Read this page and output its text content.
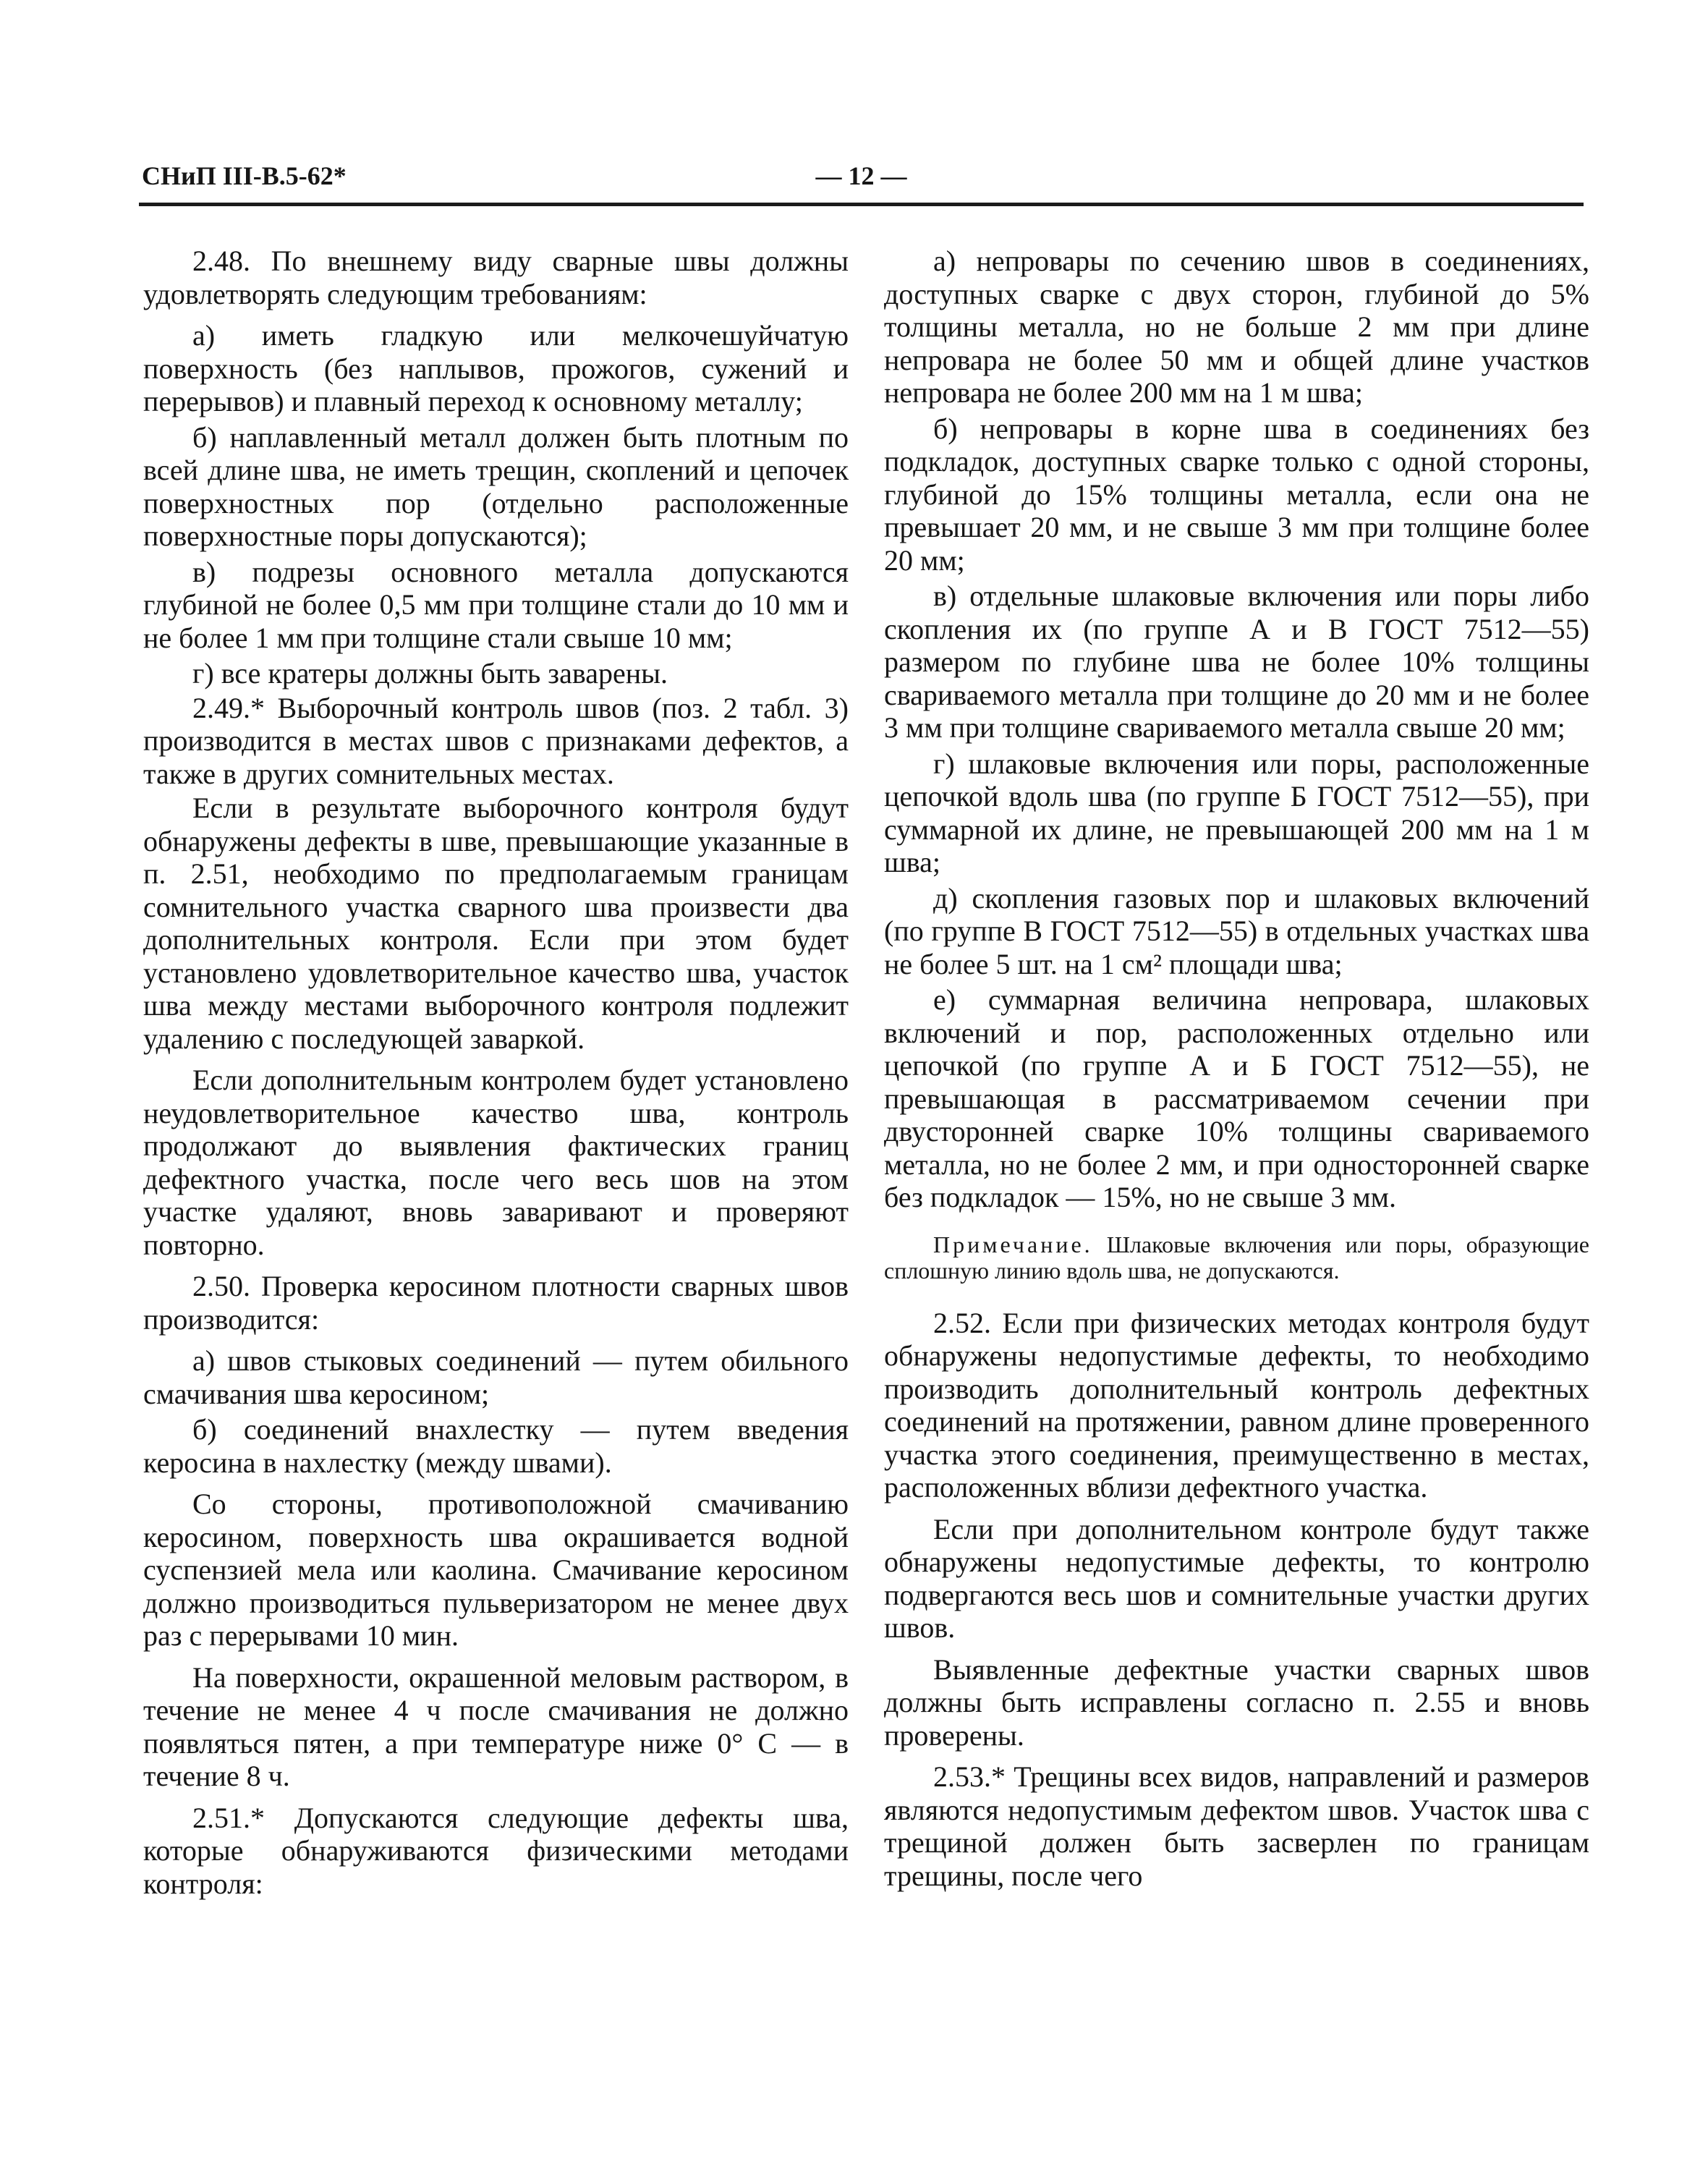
СНиП III-В.5-62*	— 12 —

2.48. По внешнему виду сварные швы должны удовлетворять следующим требованиям:

а) иметь гладкую или мелкочешуйчатую поверхность (без наплывов, прожогов, сужений и перерывов) и плавный переход к основному металлу;

б) наплавленный металл должен быть плотным по всей длине шва, не иметь трещин, скоплений и цепочек поверхностных пор (отдельно расположенные поверхностные поры допускаются);

в) подрезы основного металла допускаются глубиной не более 0,5 мм при толщине стали до 10 мм и не более 1 мм при толщине стали свыше 10 мм;

г) все кратеры должны быть заварены.

2.49.* Выборочный контроль швов (поз. 2 табл. 3) производится в местах швов с признаками дефектов, а также в других сомнительных местах.

Если в результате выборочного контроля будут обнаружены дефекты в шве, превышающие указанные в п. 2.51, необходимо по предполагаемым границам сомнительного участка сварного шва произвести два дополнительных контроля. Если при этом будет установлено удовлетворительное качество шва, участок шва между местами выборочного контроля подлежит удалению с последующей заваркой.

Если дополнительным контролем будет установлено неудовлетворительное качество шва, контроль продолжают до выявления фактических границ дефектного участка, после чего весь шов на этом участке удаляют, вновь заваривают и проверяют повторно.

2.50. Проверка керосином плотности сварных швов производится:

а) швов стыковых соединений — путем обильного смачивания шва керосином;

б) соединений внахлестку — путем введения керосина в нахлестку (между швами).

Со стороны, противоположной смачиванию керосином, поверхность шва окрашивается водной суспензией мела или каолина. Смачивание керосином должно производиться пульверизатором не менее двух раз с перерывами 10 мин.

На поверхности, окрашенной меловым раствором, в течение не менее 4 ч после смачивания не должно появляться пятен, а при температуре ниже 0° С — в течение 8 ч.

2.51.* Допускаются следующие дефекты шва, которые обнаруживаются физическими методами контроля:

а) непровары по сечению швов в соединениях, доступных сварке с двух сторон, глубиной до 5% толщины металла, но не больше 2 мм при длине непровара не более 50 мм и общей длине участков непровара не более 200 мм на 1 м шва;

б) непровары в корне шва в соединениях без подкладок, доступных сварке только с одной стороны, глубиной до 15% толщины металла, если она не превышает 20 мм, и не свыше 3 мм при толщине более 20 мм;

в) отдельные шлаковые включения или поры либо скопления их (по группе А и В ГОСТ 7512—55) размером по глубине шва не более 10% толщины свариваемого металла при толщине до 20 мм и не более 3 мм при толщине свариваемого металла свыше 20 мм;

г) шлаковые включения или поры, расположенные цепочкой вдоль шва (по группе Б ГОСТ 7512—55), при суммарной их длине, не превышающей 200 мм на 1 м шва;

д) скопления газовых пор и шлаковых включений (по группе В ГОСТ 7512—55) в отдельных участках шва не более 5 шт. на 1 см² площади шва;

е) суммарная величина непровара, шлаковых включений и пор, расположенных отдельно или цепочкой (по группе А и Б ГОСТ 7512—55), не превышающая в рассматриваемом сечении при двусторонней сварке 10% толщины свариваемого металла, но не более 2 мм, и при односторонней сварке без подкладок — 15%, но не свыше 3 мм.

Примечание. Шлаковые включения или поры, образующие сплошную линию вдоль шва, не допускаются.

2.52. Если при физических методах контроля будут обнаружены недопустимые дефекты, то необходимо производить дополнительный контроль дефектных соединений на протяжении, равном длине проверенного участка этого соединения, преимущественно в местах, расположенных вблизи дефектного участка.

Если при дополнительном контроле будут также обнаружены недопустимые дефекты, то контролю подвергаются весь шов и сомнительные участки других швов.

Выявленные дефектные участки сварных швов должны быть исправлены согласно п. 2.55 и вновь проверены.

2.53.* Трещины всех видов, направлений и размеров являются недопустимым дефектом швов. Участок шва с трещиной должен быть засверлен по границам трещины, после чего
